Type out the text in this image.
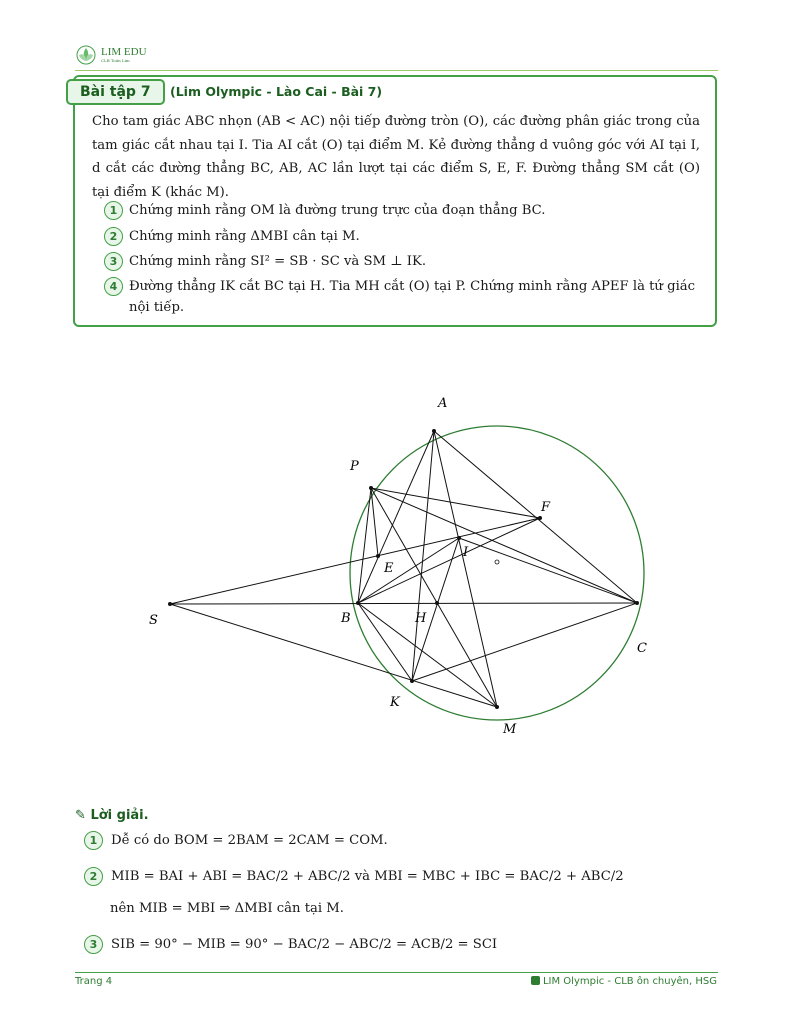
LIM EDU
CLB Toán Lim
Bài tập 7	(Lim Olympic - Lào Cai - Bài 7)
Cho tam giác ABC nhọn (AB < AC) nội tiếp đường tròn (O), các đường phân giác trong của tam giác cắt nhau tại I. Tia AI cắt (O) tại điểm M. Kẻ đường thẳng d vuông góc với AI tại I, d cắt các đường thẳng BC, AB, AC lần lượt tại các điểm S, E, F. Đường thẳng SM cắt (O) tại điểm K (khác M).
1 Chứng minh rằng OM là đường trung trực của đoạn thẳng BC.
2 Chứng minh rằng ΔMBI cân tại M.
3 Chứng minh rằng SI² = SB · SC và SM ⊥ IK.
4 Đường thẳng IK cắt BC tại H. Tia MH cắt (O) tại P. Chứng minh rằng APEF là tứ giác nội tiếp.
A
P
F
E
I
S	B	H
C
K
M
✎ Lời giải.
1	Dễ có do BOM = 2BAM = 2CAM = COM.
2	MIB = BAI + ABI = BAC/2 + ABC/2 và MBI = MBC + IBC = BAC/2 + ABC/2
nên MIB = MBI ⇒ ΔMBI cân tại M.
3	SIB = 90° − MIB = 90° − BAC/2 − ABC/2 = ACB/2 = SCI
Trang 4	LIM Olympic - CLB ôn chuyên, HSG
